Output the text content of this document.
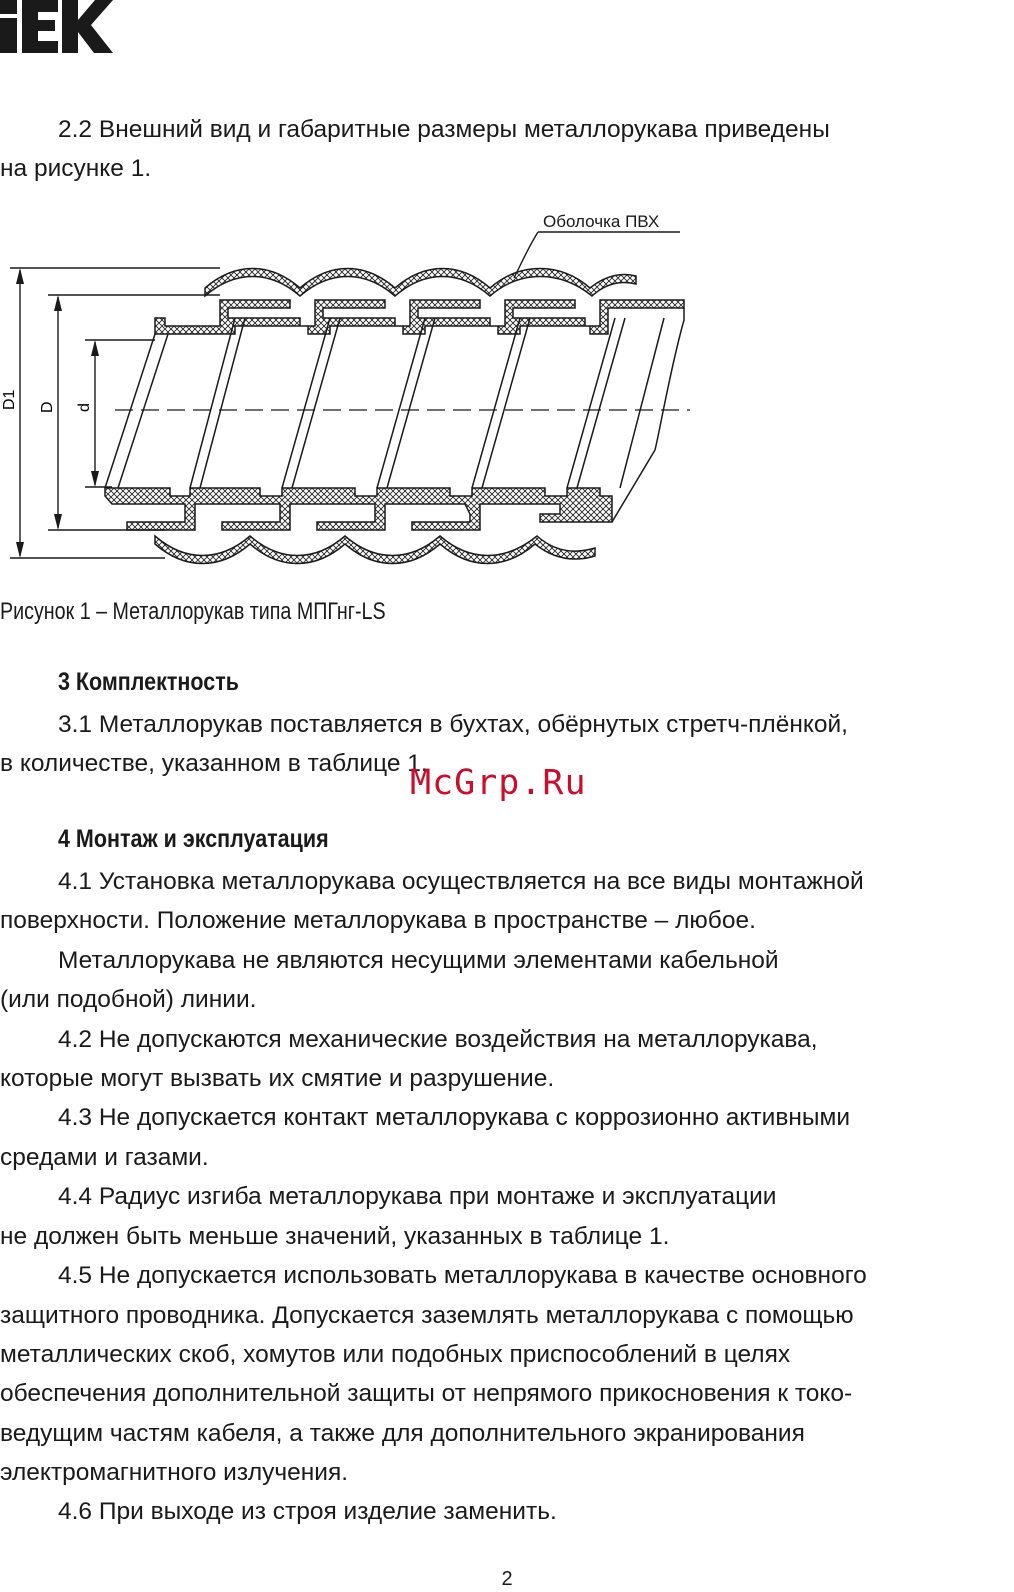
2.2 Внешний вид и габаритные размеры металлорукава приведены
на рисунке 1.
Оболочка ПВХ
D1 D d
Рисунок 1 – Металлорукав типа МПГнг-LS
3 Комплектность
3.1 Металлорукав поставляется в бухтах, обёрнутых стретч-плёнкой,
в количестве, указанном в таблице 1.
McGrp.Ru
4 Монтаж и эксплуатация
4.1 Установка металлорукава осуществляется на все виды монтажной
поверхности. Положение металлорукава в пространстве – любое.
Металлорукава не являются несущими элементами кабельной
(или подобной) линии.
4.2 Не допускаются механические воздействия на металлорукава,
которые могут вызвать их смятие и разрушение.
4.3 Не допускается контакт металлорукава с коррозионно активными
средами и газами.
4.4 Радиус изгиба металлорукава при монтаже и эксплуатации
не должен быть меньше значений, указанных в таблице 1.
4.5 Не допускается использовать металлорукава в качестве основного
защитного проводника. Допускается заземлять металлорукава с помощью
металлических скоб, хомутов или подобных приспособлений в целях
обеспечения дополнительной защиты от непрямого прикосновения к токо-
ведущим частям кабеля, а также для дополнительного экранирования
электромагнитного излучения.
4.6 При выходе из строя изделие заменить.
2
